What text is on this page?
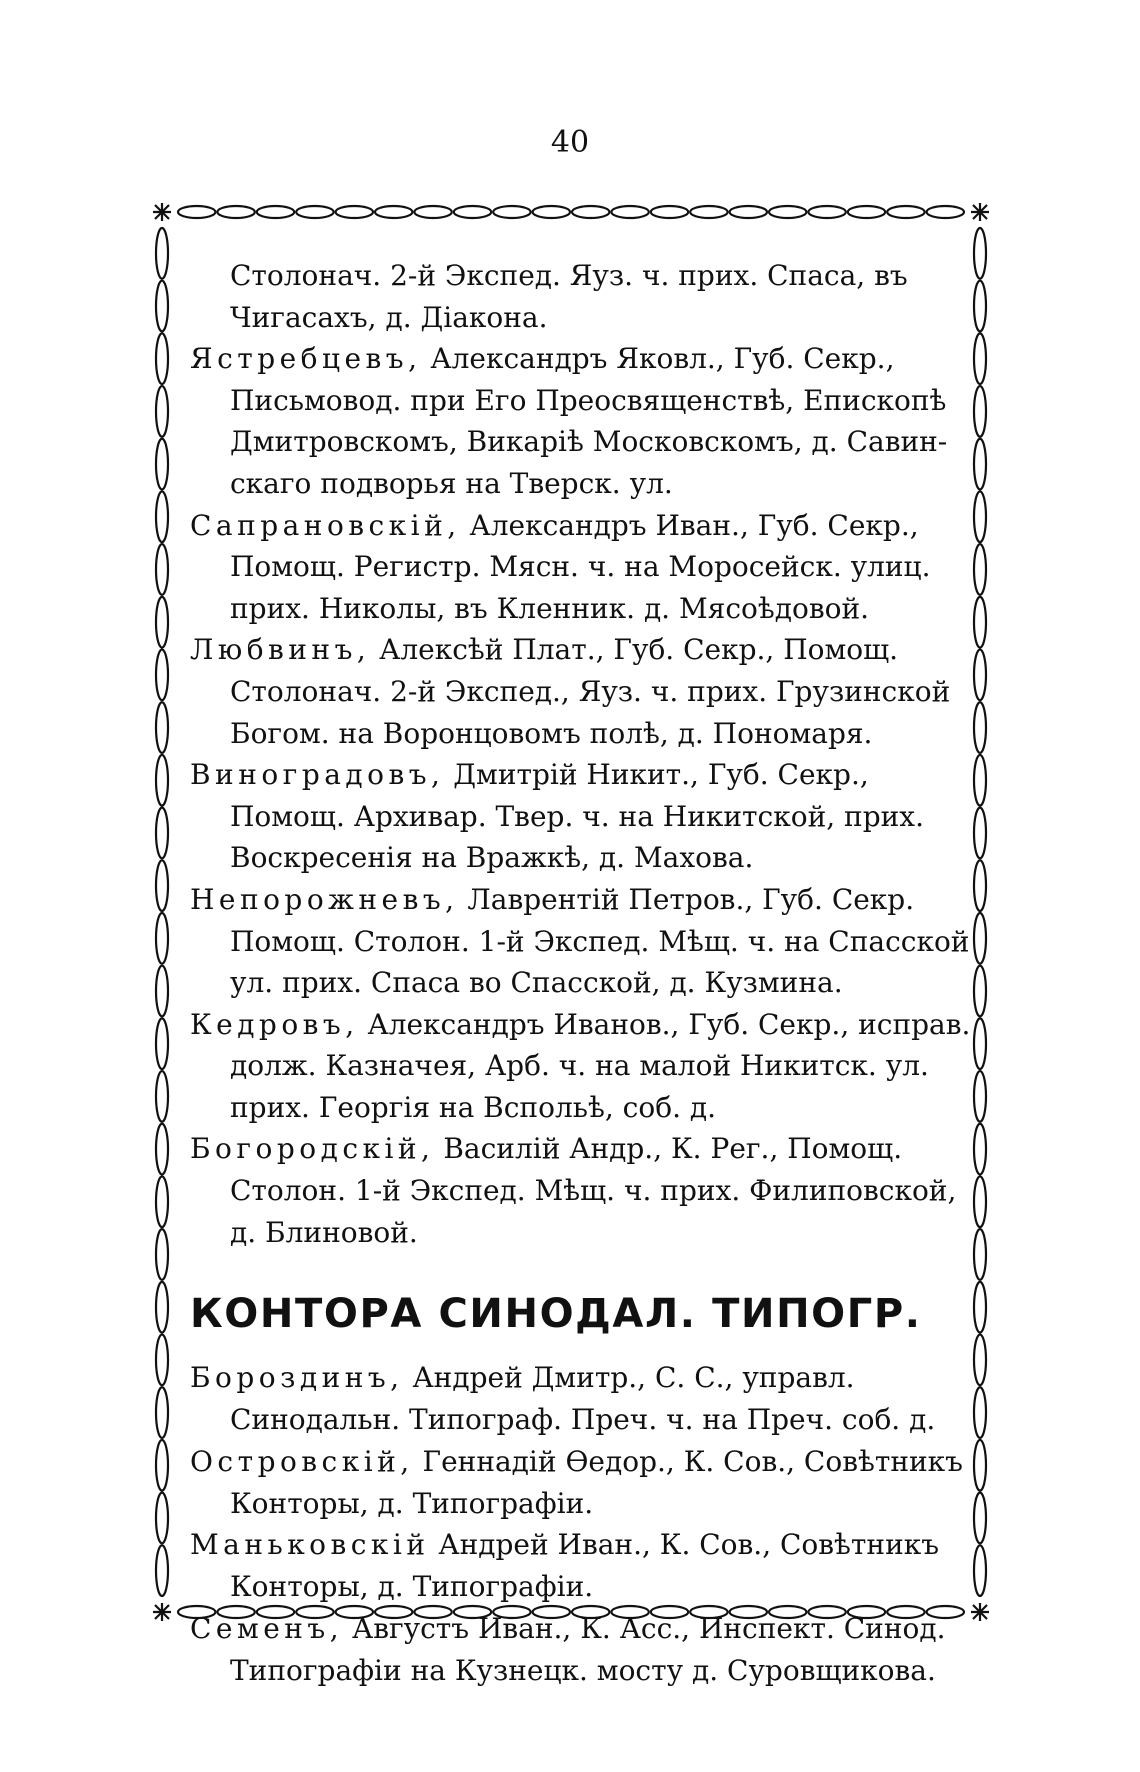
40
Столонач. 2-й Экспед. Яуз. ч. прих. Спаса, въ
Чигасахъ, д. Діакона.
Ястребцевъ, Александръ Яковл., Губ. Секр.,
Письмовод. при Его Преосвященствѣ, Епископѣ
Дмитровскомъ, Викаріѣ Московскомъ, д. Савин-
скаго подворья на Тверск. ул.
Сапрановскій, Александръ Иван., Губ. Секр.,
Помощ. Регистр. Мясн. ч. на Моросейск. улиц.
прих. Николы, въ Кленник. д. Мясоѣдовой.
Любвинъ, Алексѣй Плат., Губ. Секр., Помощ.
Столонач. 2-й Экспед., Яуз. ч. прих. Грузинской
Богом. на Воронцовомъ полѣ, д. Пономаря.
Виноградовъ, Дмитрій Никит., Губ. Секр.,
Помощ. Архивар. Твер. ч. на Никитской, прих.
Воскресенія на Вражкѣ, д. Махова.
Непорожневъ, Лаврентій Петров., Губ. Секр.
Помощ. Столон. 1-й Экспед. Мѣщ. ч. на Спасской
ул. прих. Спаса во Спасской, д. Кузмина.
Кедровъ, Александръ Иванов., Губ. Секр., исправ.
долж. Казначея, Арб. ч. на малой Никитск. ул.
прих. Георгія на Вспольѣ, соб. д.
Богородскій, Василій Андр., К. Рег., Помощ.
Столон. 1-й Экспед. Мѣщ. ч. прих. Филиповской,
д. Блиновой.
КОНТОРА СИНОДАЛ. ТИПОГР.
Бороздинъ, Андрей Дмитр., С. С., управл.
Синодальн. Типограф. Преч. ч. на Преч. соб. д.
Островскій, Геннадій Өедор., К. Сов., Совѣтникъ
Конторы, д. Типографіи.
Маньковскій Андрей Иван., К. Сов., Совѣтникъ
Конторы, д. Типографіи.
Семенъ, Августъ Иван., К. Асс., Инспект. Синод.
Типографіи на Кузнецк. мосту д. Суровщикова.
